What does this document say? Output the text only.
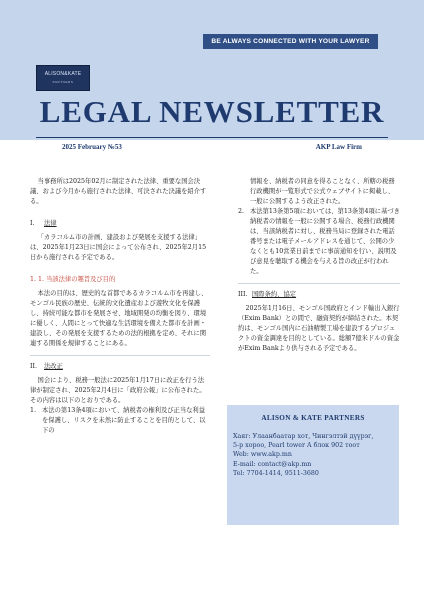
BE ALWAYS CONNECTED WITH YOUR LAWYER
ALISON&KATE
PARTNERS
LEGAL NEWSLETTER
2025 February №53	AKP Law Firm

当事務所は2025年02月に制定された法律、重要な国会決議、および今月から施行された法律、可決された決議を紹介する。

I. 法律

「カラコルム市の計画、建設および発展を支援する法律」は、2025年1月23日に国会によって公布され、2025年2月15日から施行される予定である。

1. 1. 当該法律の趣旨及び目的

本法の目的は、歴史的な首都であるカラコルム市を再建し、モンゴル民族の歴史、伝統的文化遺産および遊牧文化を保護し、持続可能な都市を発展させ、地域開発の均衡を図り、環境に優しく、人間にとって快適な生活環境を備えた都市を計画・建設し、その発展を支援するための法的根拠を定め、それに関連する関係を規律することにある。

II. 法改正

国会により、税務一般法に2025年1月17日に改正を行う法律が制定され、2025年2月4日に「政府公報」に公布された。その内容は以下のとおりである。

1. 本法の第13条4項において、納税者の権利及び正当な利益を保護し、リスクを未然に防止することを目的として、以下の

情報を、納税者の同意を得ることなく、所轄の税務行政機関が一覧形式で公式ウェブサイトに掲載し、一般に公開するよう改正された。

2. 本法第13条第5項においては、第13条第4項に基づき納税者の情報を一般に公開する場合、税務行政機関は、当該納税者に対し、税務当局に登録された電話番号または電子メールアドレスを通じて、公開の少なくとも10営業日前までに事前通知を行い、説明及び意見を聴取する機会を与える旨の改正が行われた。

III. 国際条約、協定

2025年1月16日、モンゴル国政府とインド輸出入銀行（Exim Bank）との間で、融資契約が締結された。本契約は、モンゴル国内に石油精製工場を建設するプロジェクトの資金調達を目的としている。総額7億米ドルの資金がExim Bankより供与される予定である。

ALISON & KATE PARTNERS
Хаяг: Улаанбаатар хот, Чингэлтэй дүүрэг,
5-р хороо, Pearl tower A блок 902 тоот
Web: www.akp.mn
E-mail: contact@akp.mn
Tel: 7704-1414, 9511-3680
